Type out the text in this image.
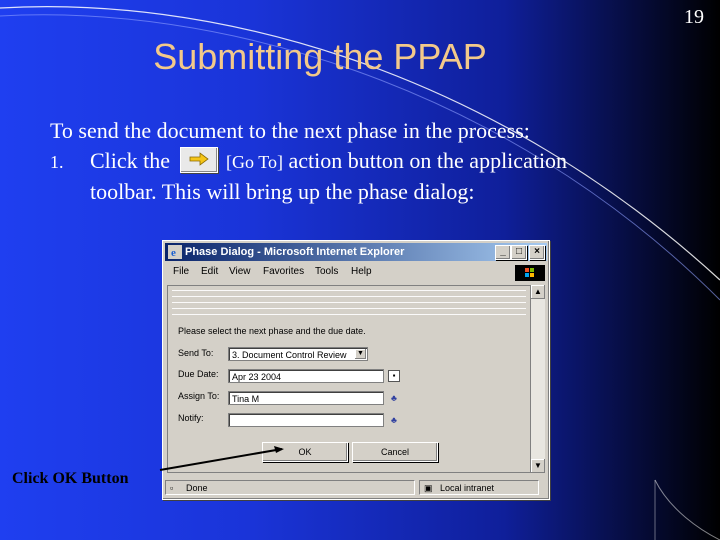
19
Submitting the PPAP
To send the document to the next phase in the process:
1. Click the	[Go To] action button on the application
toolbar. This will bring up the phase dialog:
e Phase Dialog - Microsoft Internet Explorer	_	□	×
File Edit View Favorites Tools Help
Please select the next phase and the due date.
Send To:	3. Document Control Review ▼
Due Date:	Apr 23 2004	▪
Assign To:	Tina M	♣
Notify:	♣
OK	Cancel
▲
▼
▫ Done	▣ Local intranet
Click OK Button
